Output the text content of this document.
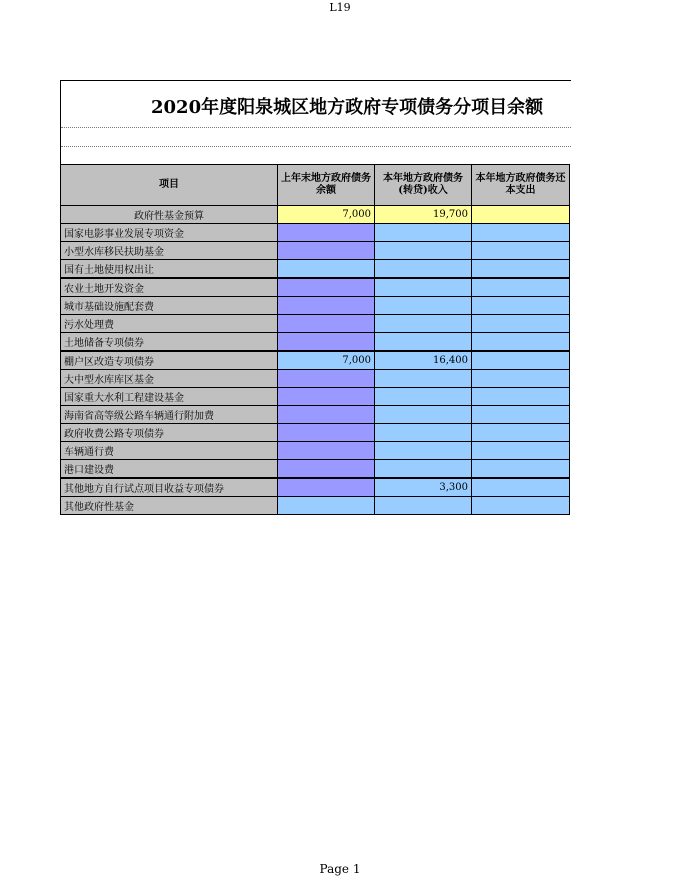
L19
2020年度阳泉城区地方政府专项债务分项目余额
项目	上年末地方政府债务余额	本年地方政府债务(转贷)收入	本年地方政府债务还本支出
政府性基金预算	7,000	19,700	
国家电影事业发展专项资金			
小型水库移民扶助基金			
国有土地使用权出让			
农业土地开发资金			
城市基础设施配套费			
污水处理费			
土地储备专项债券			
棚户区改造专项债券	7,000	16,400	
大中型水库库区基金			
国家重大水利工程建设基金			
海南省高等级公路车辆通行附加费			
政府收费公路专项债券			
车辆通行费			
港口建设费			
其他地方自行试点项目收益专项债券		3,300	
其他政府性基金			
Page 1
